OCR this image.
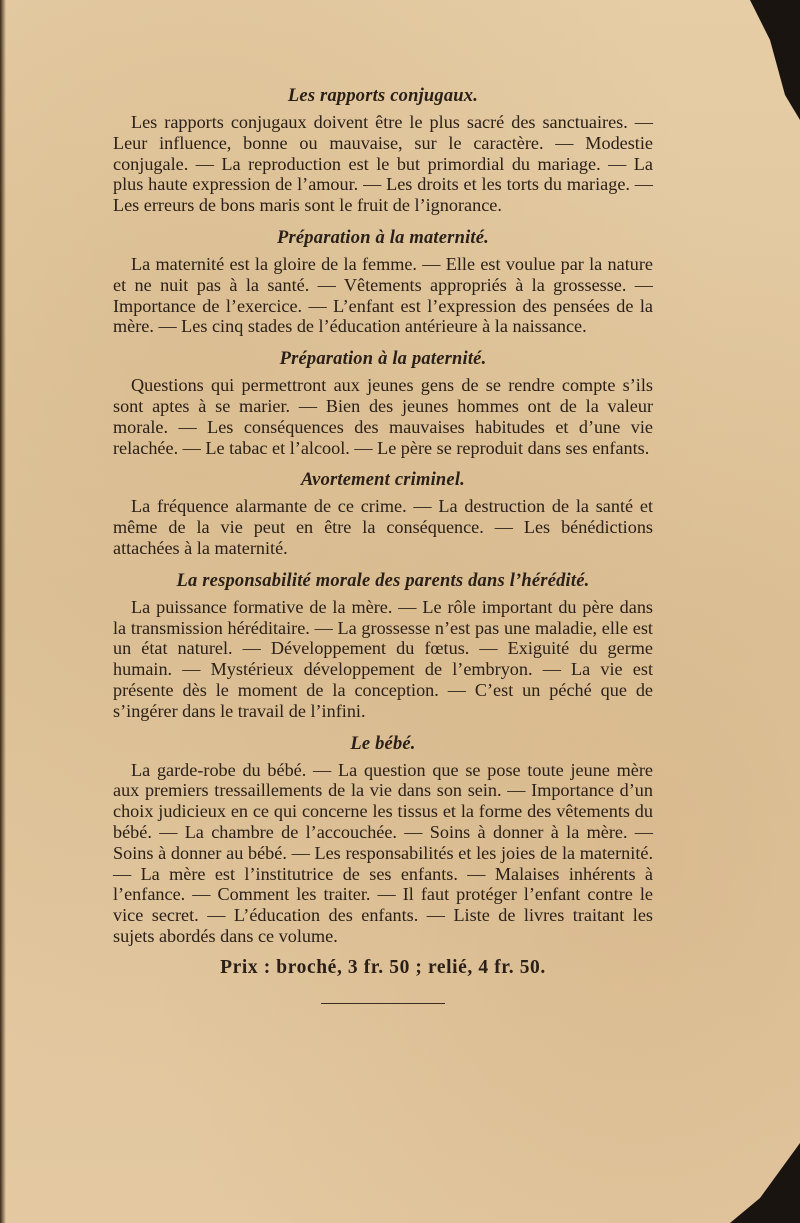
Les rapports conjugaux.

Les rapports conjugaux doivent être le plus sacré des sanctuaires. — Leur influence, bonne ou mauvaise, sur le caractère. — Modestie conjugale. — La reproduction est le but primordial du mariage. — La plus haute expression de l’amour. — Les droits et les torts du mariage. — Les erreurs de bons maris sont le fruit de l’ignorance.

Préparation à la maternité.

La maternité est la gloire de la femme. — Elle est voulue par la nature et ne nuit pas à la santé. — Vêtements appropriés à la grossesse. — Importance de l’exercice. — L’enfant est l’expression des pensées de la mère. — Les cinq stades de l’éducation antérieure à la naissance.

Préparation à la paternité.

Questions qui permettront aux jeunes gens de se rendre compte s’ils sont aptes à se marier. — Bien des jeunes hommes ont de la valeur morale. — Les conséquences des mauvaises habitudes et d’une vie relachée. — Le tabac et l’alcool. — Le père se reproduit dans ses enfants.

Avortement criminel.

La fréquence alarmante de ce crime. — La destruction de la santé et même de la vie peut en être la conséquence. — Les bénédictions attachées à la maternité.

La responsabilité morale des parents dans l’hérédité.

La puissance formative de la mère. — Le rôle important du père dans la transmission héréditaire. — La grossesse n’est pas une maladie, elle est un état naturel. — Développement du fœtus. — Exiguité du germe humain. — Mystérieux développement de l’embryon. — La vie est présente dès le moment de la conception. — C’est un péché que de s’ingérer dans le travail de l’infini.

Le bébé.

La garde-robe du bébé. — La question que se pose toute jeune mère aux premiers tressaillements de la vie dans son sein. — Importance d’un choix judicieux en ce qui concerne les tissus et la forme des vêtements du bébé. — La chambre de l’accouchée. — Soins à donner à la mère. — Soins à donner au bébé. — Les responsabilités et les joies de la maternité. — La mère est l’institutrice de ses enfants. — Malaises inhérents à l’enfance. — Comment les traiter. — Il faut protéger l’enfant contre le vice secret. — L’éducation des enfants. — Liste de livres traitant les sujets abordés dans ce volume.

Prix : broché, 3 fr. 50 ; relié, 4 fr. 50.
